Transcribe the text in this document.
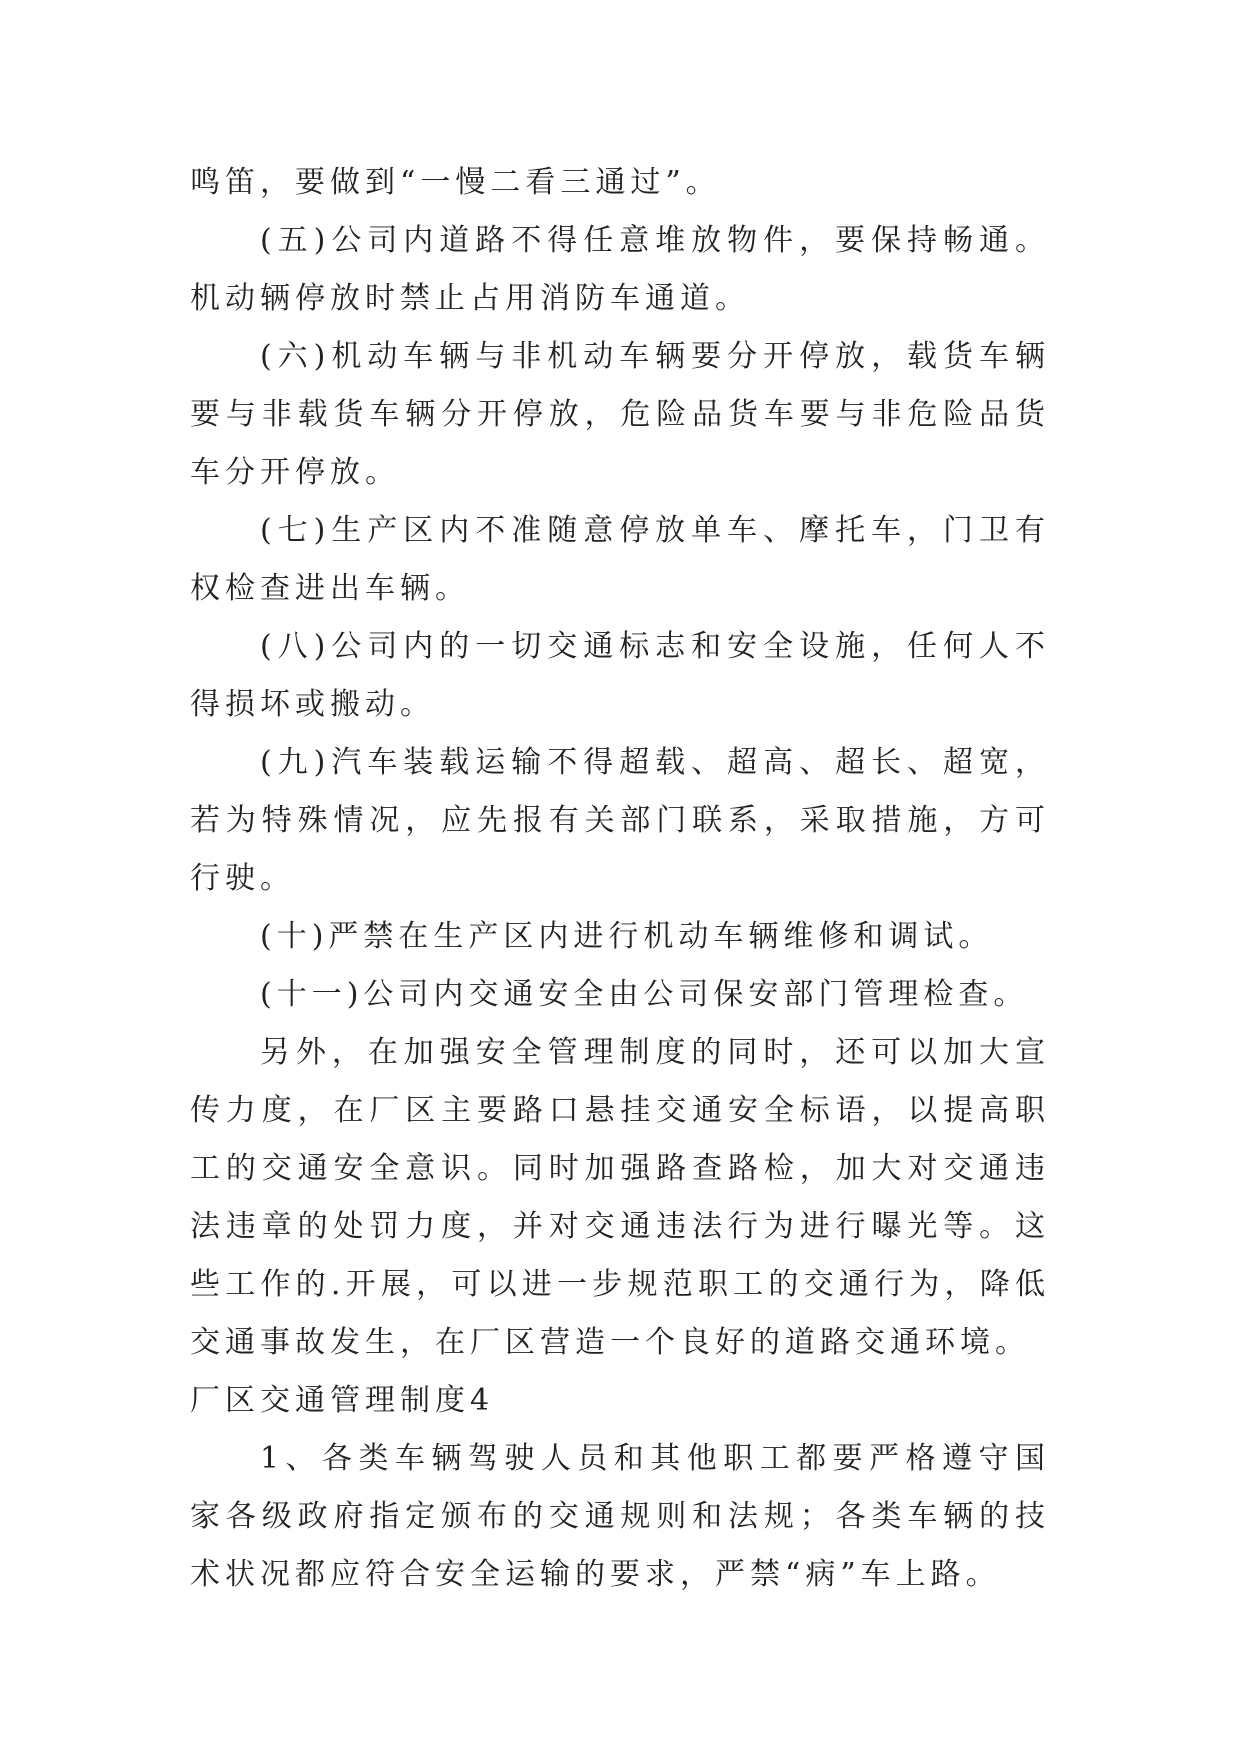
鸣笛，要做到“一慢二看三通过”。

(五)公司内道路不得任意堆放物件，要保持畅通。机动辆停放时禁止占用消防车通道。

(六)机动车辆与非机动车辆要分开停放，载货车辆要与非载货车辆分开停放，危险品货车要与非危险品货车分开停放。

(七)生产区内不准随意停放单车、摩托车，门卫有权检查进出车辆。

(八)公司内的一切交通标志和安全设施，任何人不得损坏或搬动。

(九)汽车装载运输不得超载、超高、超长、超宽，若为特殊情况，应先报有关部门联系，采取措施，方可行驶。

(十)严禁在生产区内进行机动车辆维修和调试。

(十一)公司内交通安全由公司保安部门管理检查。

另外，在加强安全管理制度的同时，还可以加大宣传力度，在厂区主要路口悬挂交通安全标语，以提高职工的交通安全意识。同时加强路查路检，加大对交通违法违章的处罚力度，并对交通违法行为进行曝光等。这些工作的.开展，可以进一步规范职工的交通行为，降低交通事故发生，在厂区营造一个良好的道路交通环境。

厂区交通管理制度4

1、各类车辆驾驶人员和其他职工都要严格遵守国家各级政府指定颁布的交通规则和法规；各类车辆的技术状况都应符合安全运输的要求，严禁“病”车上路。
